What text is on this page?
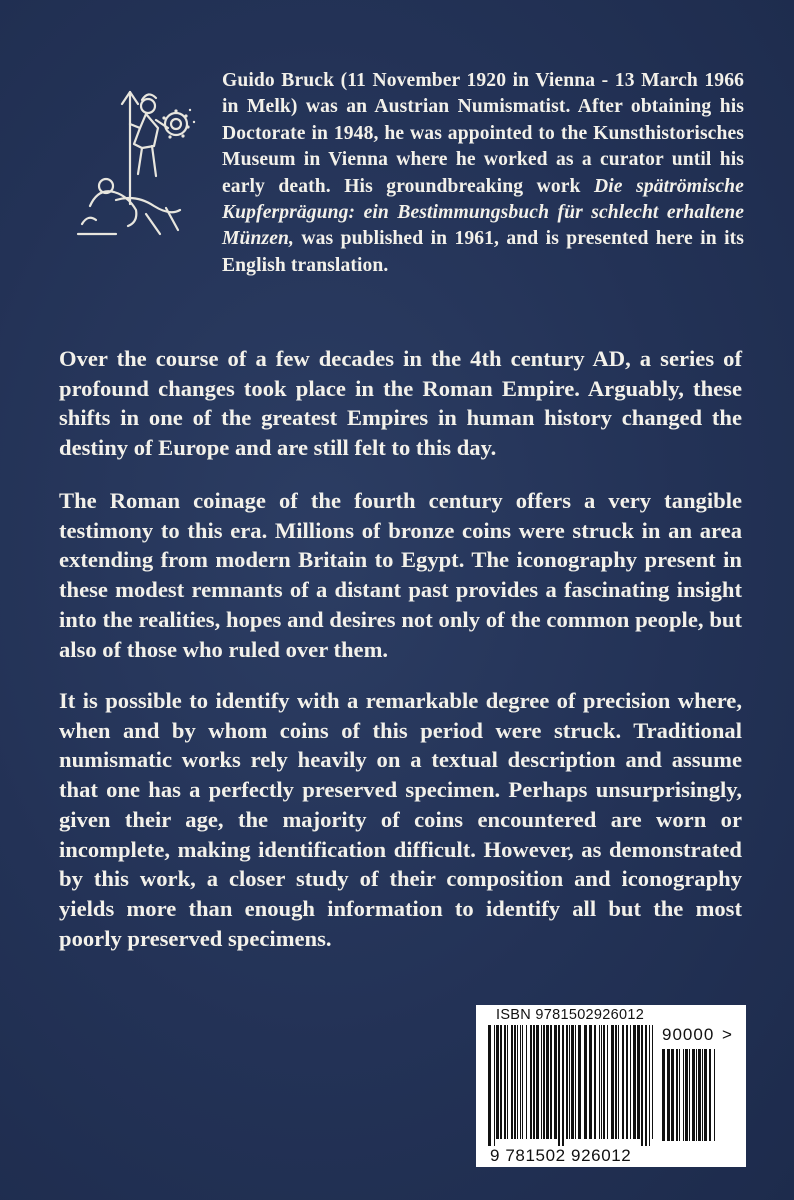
Guido Bruck (11 November 1920 in Vienna - 13 March 1966 in Melk) was an Austrian Numismatist. After obtaining his Doctorate in 1948, he was appointed to the Kunsthistorisches Museum in Vienna where he worked as a curator until his early death. His groundbreaking work Die spätrömische Kupferprägung: ein Bestimmungsbuch für schlecht erhaltene Münzen, was published in 1961, and is presented here in its English translation.

Over the course of a few decades in the 4th century AD, a series of profound changes took place in the Roman Empire. Arguably, these shifts in one of the greatest Empires in human history changed the destiny of Europe and are still felt to this day.

The Roman coinage of the fourth century offers a very tangible testimony to this era. Millions of bronze coins were struck in an area extending from modern Britain to Egypt. The iconography present in these modest remnants of a distant past provides a fascinating insight into the realities, hopes and desires not only of the common people, but also of those who ruled over them.

It is possible to identify with a remarkable degree of precision where, when and by whom coins of this period were struck. Traditional numismatic works rely heavily on a textual description and assume that one has a perfectly preserved specimen. Perhaps unsurprisingly, given their age, the majority of coins encountered are worn or incomplete, making identification difficult. However, as demonstrated by this work, a closer study of their composition and iconography yields more than enough information to identify all but the most poorly preserved specimens.

ISBN 9781502926012
90000 >
9 781502 926012
